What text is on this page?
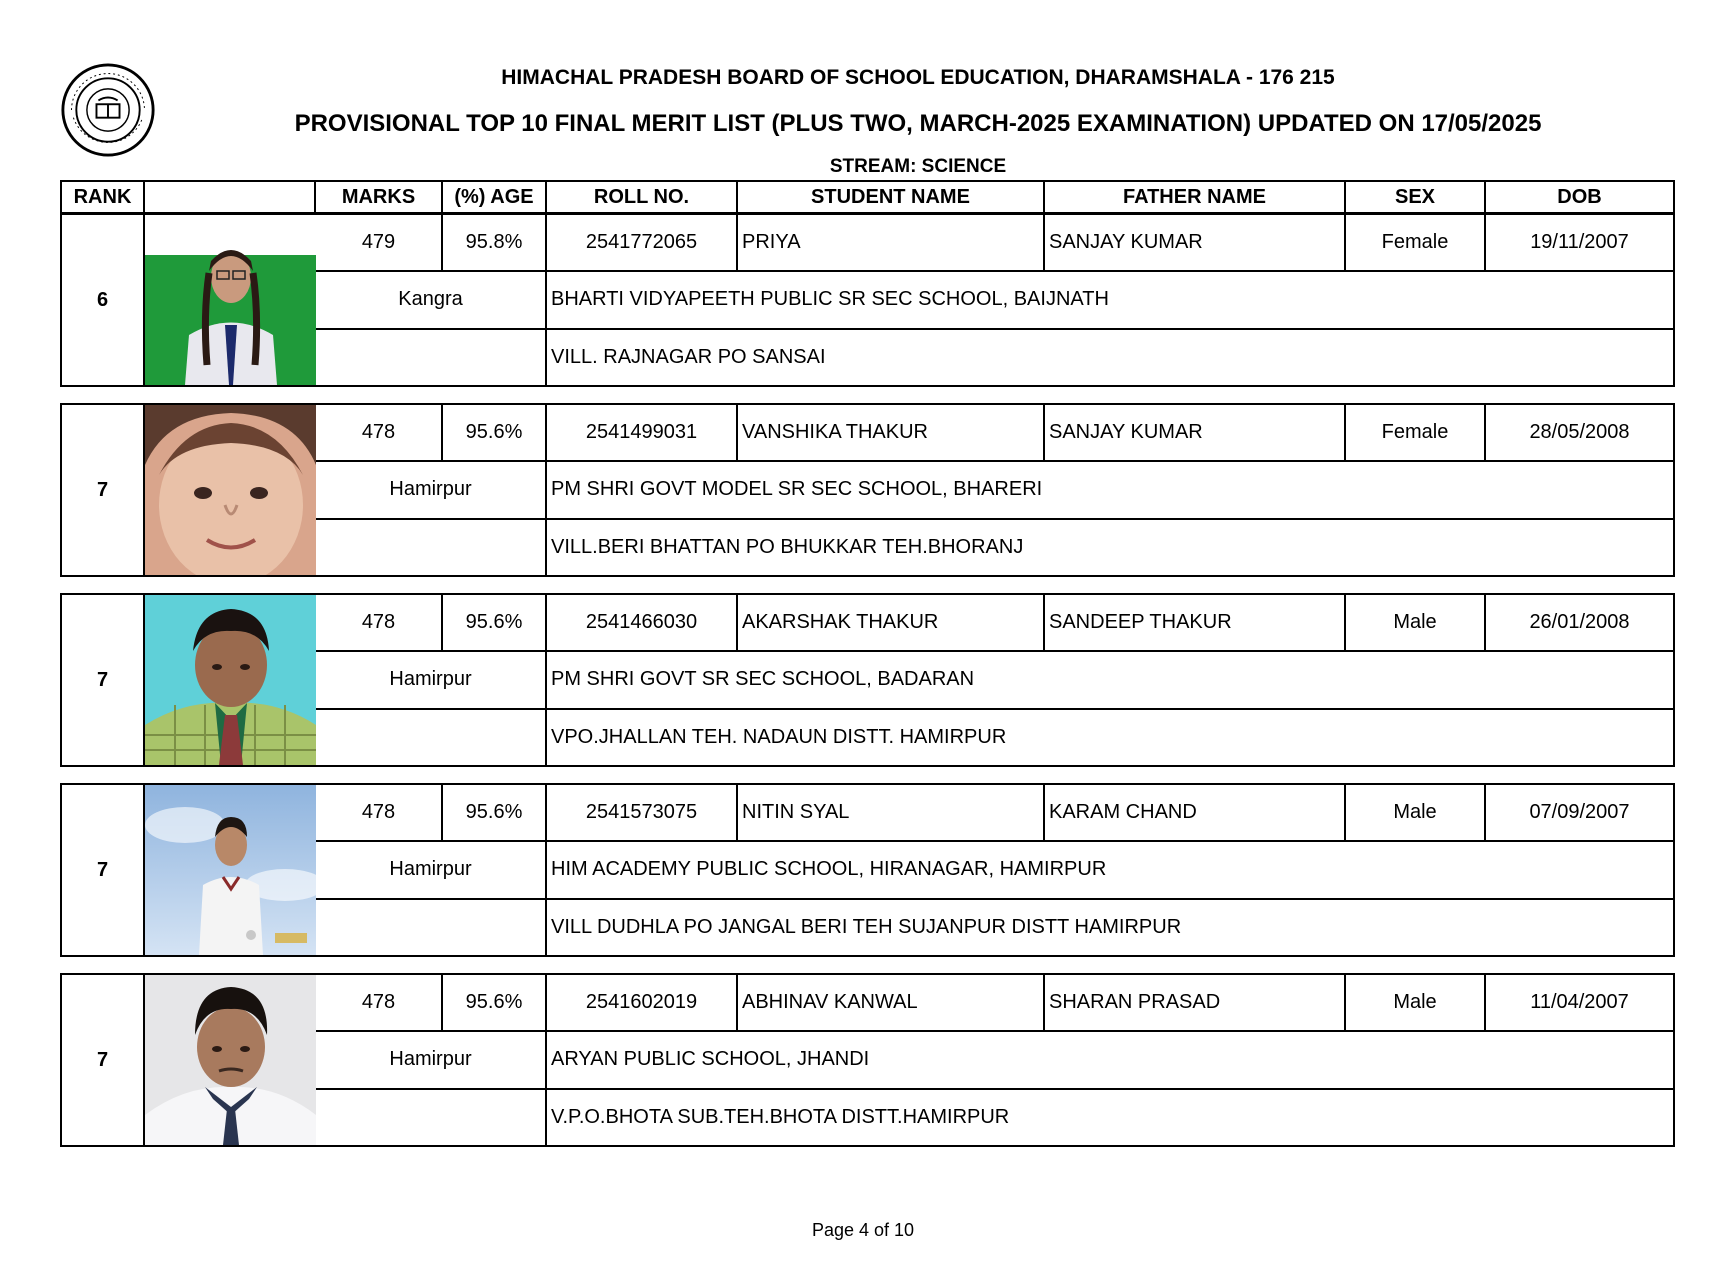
HIMACHAL PRADESH BOARD OF SCHOOL EDUCATION, DHARAMSHALA - 176 215
PROVISIONAL TOP 10 FINAL MERIT LIST (PLUS TWO, MARCH-2025 EXAMINATION) UPDATED ON 17/05/2025
STREAM: SCIENCE
RANK		MARKS	(%) AGE	ROLL NO.	STUDENT NAME	FATHER NAME	SEX	DOB
6		479	95.8%	2541772065	PRIYA	SANJAY KUMAR	Female	19/11/2007
		Kangra		BHARTI VIDYAPEETH PUBLIC SR SEC SCHOOL, BAIJNATH				
				VILL. RAJNAGAR PO SANSAI				
7		478	95.6%	2541499031	VANSHIKA THAKUR	SANJAY KUMAR	Female	28/05/2008
		Hamirpur		PM SHRI GOVT MODEL SR SEC SCHOOL, BHARERI				
				VILL.BERI BHATTAN PO BHUKKAR TEH.BHORANJ				
7		478	95.6%	2541466030	AKARSHAK THAKUR	SANDEEP THAKUR	Male	26/01/2008
		Hamirpur		PM SHRI GOVT SR SEC SCHOOL, BADARAN				
				VPO.JHALLAN TEH. NADAUN DISTT. HAMIRPUR				
7		478	95.6%	2541573075	NITIN SYAL	KARAM CHAND	Male	07/09/2007
		Hamirpur		HIM ACADEMY PUBLIC SCHOOL, HIRANAGAR, HAMIRPUR				
				VILL DUDHLA PO JANGAL BERI TEH SUJANPUR DISTT HAMIRPUR				
7		478	95.6%	2541602019	ABHINAV KANWAL	SHARAN PRASAD	Male	11/04/2007
		Hamirpur		ARYAN PUBLIC SCHOOL, JHANDI				
				V.P.O.BHOTA SUB.TEH.BHOTA DISTT.HAMIRPUR				
Page 4 of 10
